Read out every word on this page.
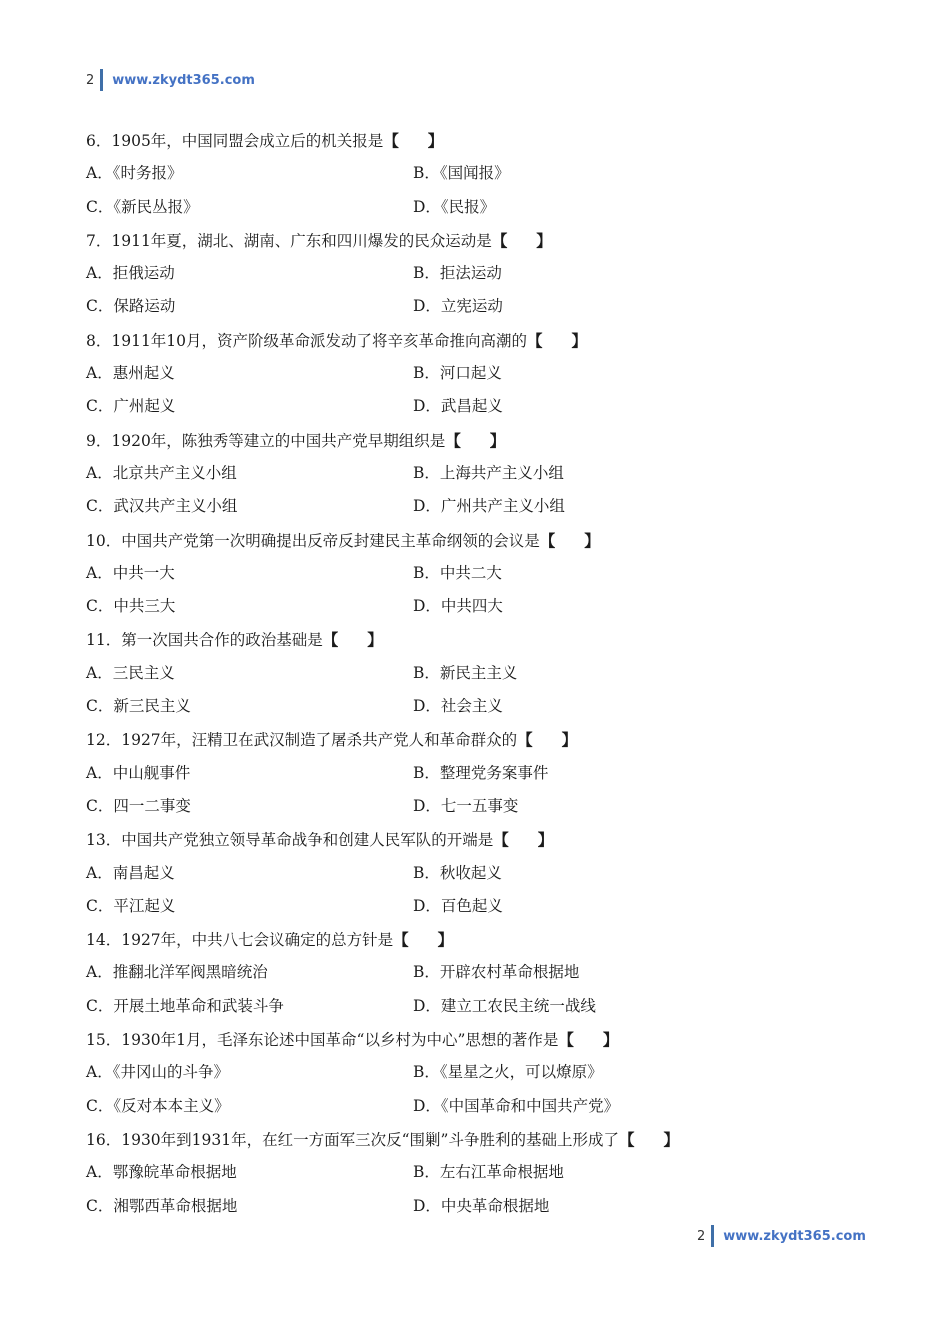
2 www.zkydt365.com
6．1905年，中国同盟会成立后的机关报是【 】
A．《时务报》	B．《国闻报》
C．《新民丛报》	D．《民报》
7．1911年夏，湖北、湖南、广东和四川爆发的民众运动是【 】
A．拒俄运动	B．拒法运动
C．保路运动	D．立宪运动
8．1911年10月，资产阶级革命派发动了将辛亥革命推向高潮的【 】
A．惠州起义	B．河口起义
C．广州起义	D．武昌起义
9．1920年，陈独秀等建立的中国共产党早期组织是【 】
A．北京共产主义小组	B．上海共产主义小组
C．武汉共产主义小组	D．广州共产主义小组
10．中国共产党第一次明确提出反帝反封建民主革命纲领的会议是【 】
A．中共一大	B．中共二大
C．中共三大	D．中共四大
11．第一次国共合作的政治基础是【 】
A．三民主义	B．新民主主义
C．新三民主义	D．社会主义
12．1927年，汪精卫在武汉制造了屠杀共产党人和革命群众的【 】
A．中山舰事件	B．整理党务案事件
C．四一二事变	D．七一五事变
13．中国共产党独立领导革命战争和创建人民军队的开端是【 】
A．南昌起义	B．秋收起义
C．平江起义	D．百色起义
14．1927年，中共八七会议确定的总方针是【 】
A．推翻北洋军阀黑暗统治	B．开辟农村革命根据地
C．开展土地革命和武装斗争	D．建立工农民主统一战线
15．1930年1月，毛泽东论述中国革命“以乡村为中心”思想的著作是【 】
A．《井冈山的斗争》	B．《星星之火，可以燎原》
C．《反对本本主义》	D．《中国革命和中国共产党》
16．1930年到1931年，在红一方面军三次反“围剿”斗争胜利的基础上形成了【 】
A．鄂豫皖革命根据地	B．左右江革命根据地
C．湘鄂西革命根据地	D．中央革命根据地
2 www.zkydt365.com
